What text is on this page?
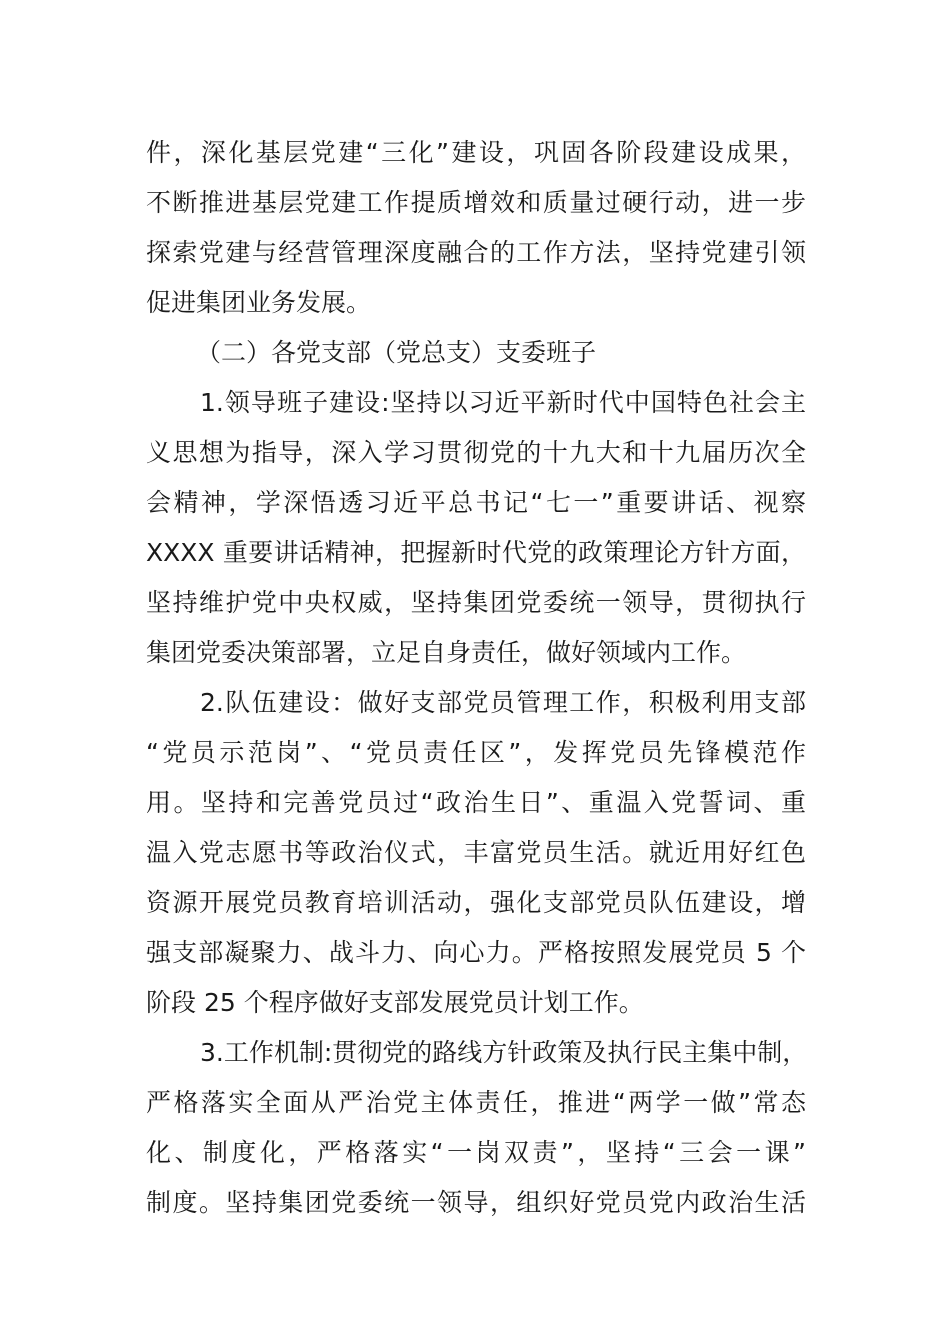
件，深化基层党建“三化”建设，巩固各阶段建设成果，
不断推进基层党建工作提质增效和质量过硬行动，进一步
探索党建与经营管理深度融合的工作方法，坚持党建引领
促进集团业务发展。
（二）各党支部（党总支）支委班子
1.领导班子建设:坚持以习近平新时代中国特色社会主
义思想为指导，深入学习贯彻党的十九大和十九届历次全
会精神，学深悟透习近平总书记“七一”重要讲话、视察
XXXX 重要讲话精神，把握新时代党的政策理论方针方面，
坚持维护党中央权威，坚持集团党委统一领导，贯彻执行
集团党委决策部署，立足自身责任，做好领域内工作。
2.队伍建设：做好支部党员管理工作，积极利用支部
“党员示范岗”、“党员责任区”，发挥党员先锋模范作
用。坚持和完善党员过“政治生日”、重温入党誓词、重
温入党志愿书等政治仪式，丰富党员生活。就近用好红色
资源开展党员教育培训活动，强化支部党员队伍建设，增
强支部凝聚力、战斗力、向心力。严格按照发展党员 5 个
阶段 25 个程序做好支部发展党员计划工作。
3.工作机制:贯彻党的路线方针政策及执行民主集中制，
严格落实全面从严治党主体责任，推进“两学一做”常态
化、制度化，严格落实“一岗双责”，坚持“三会一课”
制度。坚持集团党委统一领导，组织好党员党内政治生活
